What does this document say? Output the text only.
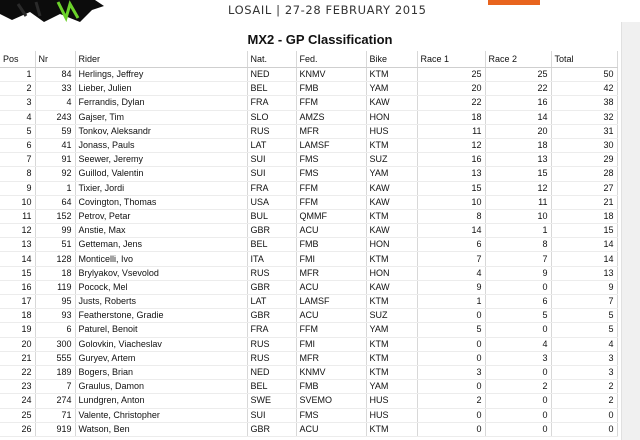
LOSAIL | 27-28 FEBRUARY 2015
MX2 - GP Classification
Pos	Nr	Rider	Nat.	Fed.	Bike	Race 1	Race 2	Total
1	84	Herlings, Jeffrey	NED	KNMV	KTM	25	25	50
2	33	Lieber, Julien	BEL	FMB	YAM	20	22	42
3	4	Ferrandis, Dylan	FRA	FFM	KAW	22	16	38
4	243	Gajser, Tim	SLO	AMZS	HON	18	14	32
5	59	Tonkov, Aleksandr	RUS	MFR	HUS	11	20	31
6	41	Jonass, Pauls	LAT	LAMSF	KTM	12	18	30
7	91	Seewer, Jeremy	SUI	FMS	SUZ	16	13	29
8	92	Guillod, Valentin	SUI	FMS	YAM	13	15	28
9	1	Tixier, Jordi	FRA	FFM	KAW	15	12	27
10	64	Covington, Thomas	USA	FFM	KAW	10	11	21
11	152	Petrov, Petar	BUL	QMMF	KTM	8	10	18
12	99	Anstie, Max	GBR	ACU	KAW	14	1	15
13	51	Getteman, Jens	BEL	FMB	HON	6	8	14
14	128	Monticelli, Ivo	ITA	FMI	KTM	7	7	14
15	18	Brylyakov, Vsevolod	RUS	MFR	HON	4	9	13
16	119	Pocock, Mel	GBR	ACU	KAW	9	0	9
17	95	Justs, Roberts	LAT	LAMSF	KTM	1	6	7
18	93	Featherstone, Gradie	GBR	ACU	SUZ	0	5	5
19	6	Paturel, Benoit	FRA	FFM	YAM	5	0	5
20	300	Golovkin, Viacheslav	RUS	FMI	KTM	0	4	4
21	555	Guryev, Artem	RUS	MFR	KTM	0	3	3
22	189	Bogers, Brian	NED	KNMV	KTM	3	0	3
23	7	Graulus, Damon	BEL	FMB	YAM	0	2	2
24	274	Lundgren, Anton	SWE	SVEMO	HUS	2	0	2
25	71	Valente, Christopher	SUI	FMS	HUS	0	0	0
26	919	Watson, Ben	GBR	ACU	KTM	0	0	0
